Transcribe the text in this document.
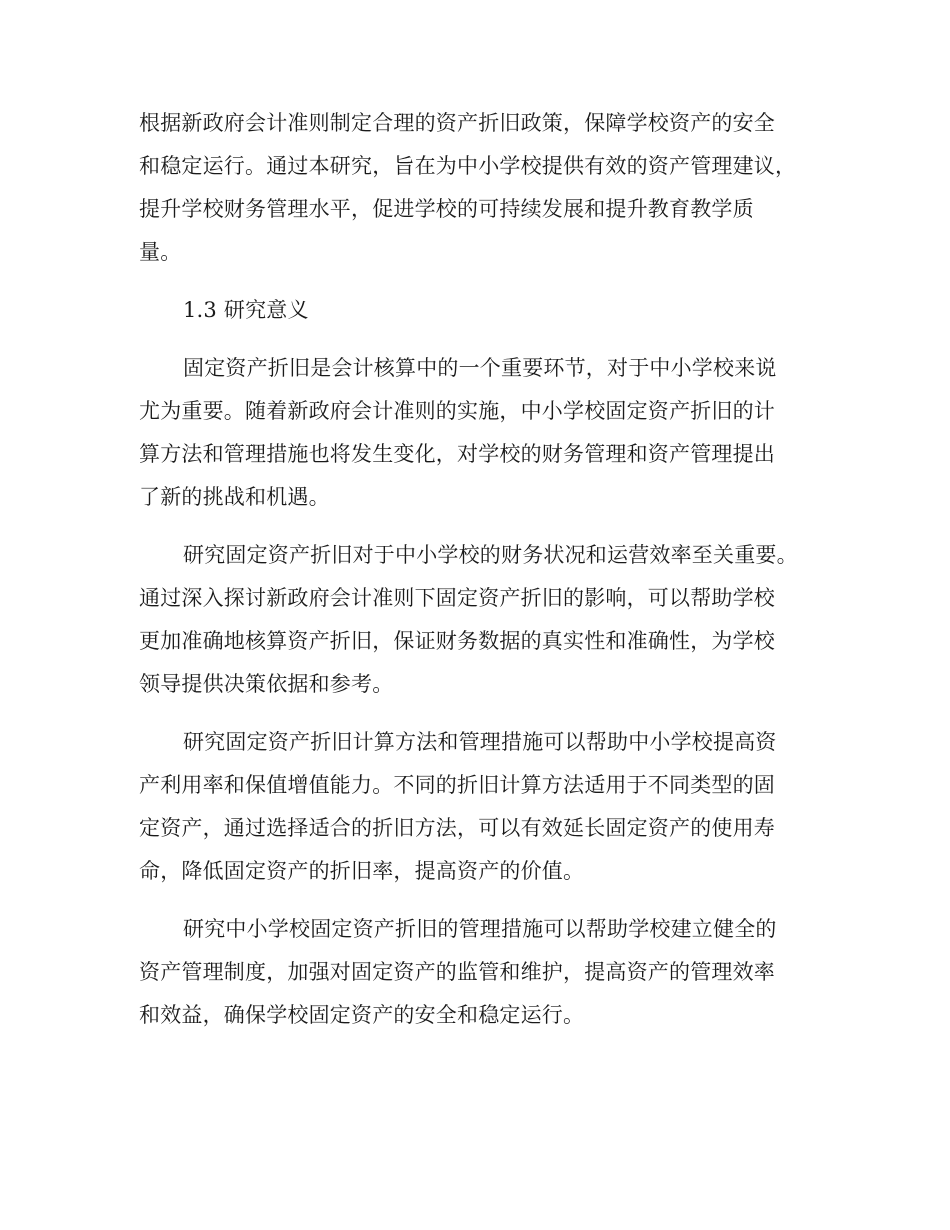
根据新政府会计准则制定合理的资产折旧政策，保障学校资产的安全
和稳定运行。通过本研究，旨在为中小学校提供有效的资产管理建议，
提升学校财务管理水平，促进学校的可持续发展和提升教育教学质
量。
1.3 研究意义
固定资产折旧是会计核算中的一个重要环节，对于中小学校来说
尤为重要。随着新政府会计准则的实施，中小学校固定资产折旧的计
算方法和管理措施也将发生变化，对学校的财务管理和资产管理提出
了新的挑战和机遇。
研究固定资产折旧对于中小学校的财务状况和运营效率至关重要。
通过深入探讨新政府会计准则下固定资产折旧的影响，可以帮助学校
更加准确地核算资产折旧，保证财务数据的真实性和准确性，为学校
领导提供决策依据和参考。
研究固定资产折旧计算方法和管理措施可以帮助中小学校提高资
产利用率和保值增值能力。不同的折旧计算方法适用于不同类型的固
定资产，通过选择适合的折旧方法，可以有效延长固定资产的使用寿
命，降低固定资产的折旧率，提高资产的价值。
研究中小学校固定资产折旧的管理措施可以帮助学校建立健全的
资产管理制度，加强对固定资产的监管和维护，提高资产的管理效率
和效益，确保学校固定资产的安全和稳定运行。
